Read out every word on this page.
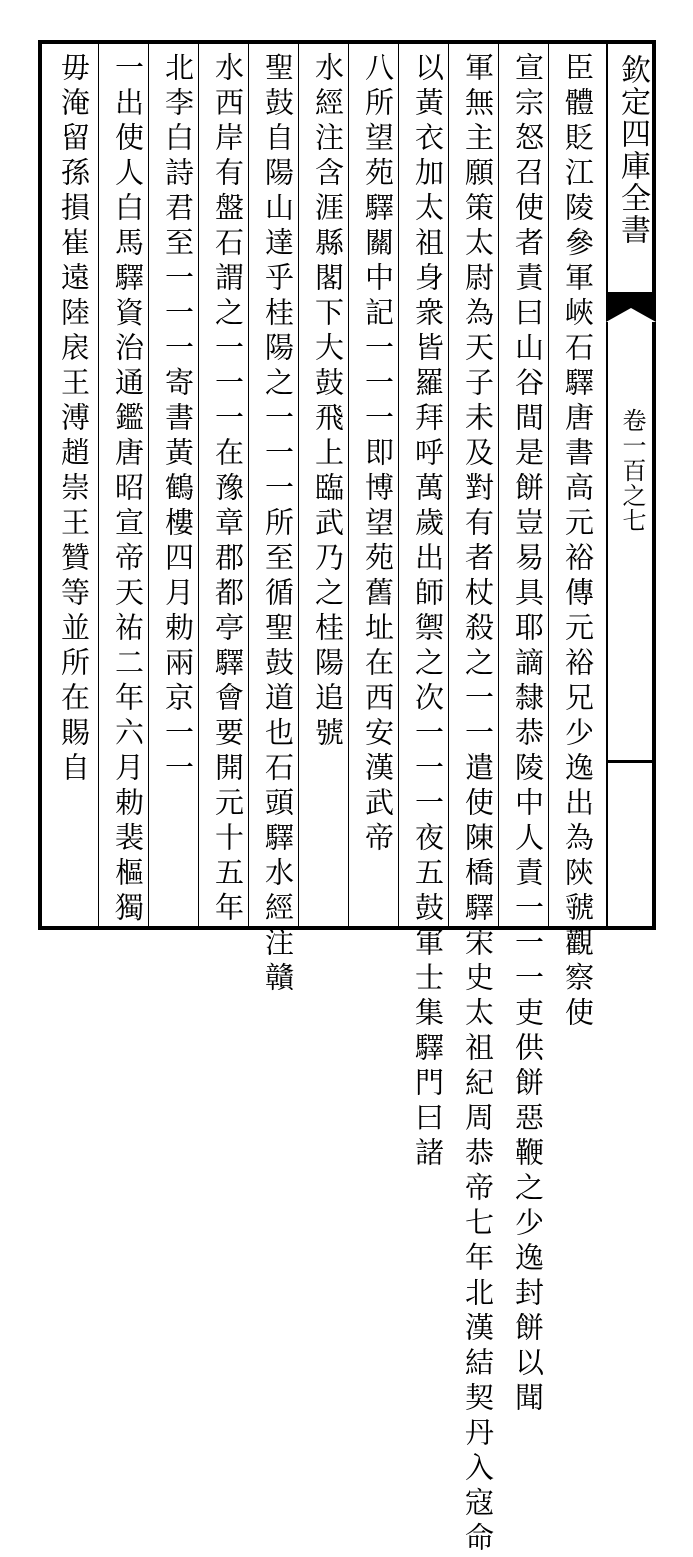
欽定四庫全書
卷一百之七
臣體貶江陵參軍峽石驛唐書高元裕傳元裕兄少逸出為陝虢觀察使
宣宗怒召使者責曰山谷間是餅豈易具耶謫隸恭陵中人責一一一吏供餅惡鞭之少逸封餅以聞
軍無主願策太尉為天子未及對有者杖殺之一一遣使陳橋驛宋史太祖紀周恭帝七年北漢結契丹入寇命
以黃衣加太祖身衆皆羅拜呼萬歲出師禦之次一一一夜五鼓軍士集驛門曰諸
八所望苑驛關中記一一一即博望苑舊址在西安漢武帝
水經注含涯縣閣下大鼓飛上臨武乃之桂陽追號
聖鼓自陽山達乎桂陽之一一一所至循聖鼓道也石頭驛水經注贛
水西岸有盤石謂之一一一在豫章郡都亭驛會要開元十五年
北李白詩君至一一一寄書黃鶴樓四月勅兩京一一
一出使人白馬驛資治通鑑唐昭宣帝天祐二年六月勅裴樞獨
毋淹留孫損崔遠陸扆王溥趙崇王贊等並所在賜自
